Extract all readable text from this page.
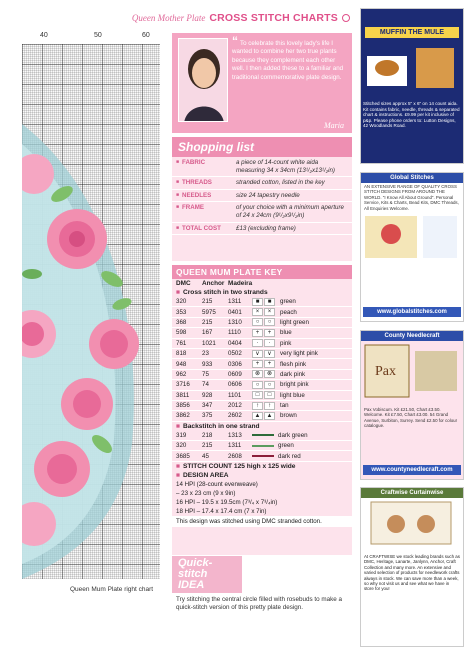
Queen Mother Plate CROSS STITCH CHARTS
40	50	60
Queen Mum Plate right chart
“ To celebrate this lovely lady's life I wanted to combine her two true plants because they complement each other well. I then added these to a familiar and traditional commemorative plate design.
Maria
Shopping list
■ FABRIC	a piece of 14-count white aida measuring 34 x 34cm (13¹/₂x13¹/₂in)
■ THREADS	stranded cotton, listed in the key
■ NEEDLES	size 24 tapestry needle
■ FRAME	of your choice with a minimum aperture of 24 x 24cm (9¹/₂x9¹/₂in)
■ TOTAL COST	£13 (excluding frame)
QUEEN MUM PLATE KEY
DMC	Anchor Madeira
■ Cross stitch in two strands
320	215	1311	■	■	green
353	5975	0401	×	×	peach
368	215	1310	○	○	light green
598	167	1110	+	+	blue
761	1021	0404	·	·	pink
818	23	0502	∨	∨	very light pink
948	933	0306	+	+	flesh pink
962	75	0609	⊗	⊗	dark pink
3716	74	0606	○	○	bright pink
3811	928	1101	□	□	light blue
3856	347	2012	↑	↑	tan
3862	375	2602	▲	▲	brown
■ Backstitch in one strand
319	218	1313	dark green
320	215	1311	green
3685	45	2608	dark red
■ STITCH COUNT 125 high x 125 wide
■ DESIGN AREA
14 HPI (28-count evenweave)
– 23 x 23 cm (9 x 9in)
16 HPI – 19.5 x 19.5cm (7³/₄ x 7³/₄in)
18 HPI – 17.4 x 17.4 cm (7 x 7in)
This design was stitched using DMC stranded cotton.
Quick-stitch
IDEA
Try stitching the central circle filled with rosebuds to make a quick-stitch version of this pretty plate design.
MUFFIN THE MULE
Stitched sizes approx 5" x 6" on 14 count aida. Kit contains fabric, needle, threads & separated chart & instructions. £9.99 per kit inclusive of p&p. Please phone orders to: Lutton Designs, 42 Woodlands Road.
Global Stitches
AN EXTENSIVE RANGE OF QUALITY CROSS STITCH DESIGNS FROM AROUND THE WORLD. "I Know All About Ground". Personal Service, Kits & Charts, Bead Kits, DMC Threads, All Enquiries Welcome.
www.globalstitches.com
County Needlecraft
Pax
Pax Vobiscum. Kit £21.50, Chart £3.50. Welcome. Kit £7.50, Chart £3.00. 54 Grand Avenue, Surbiton, Surrey. Send £2.50 for colour catalogue.
www.countyneedlecraft.com
Craftwise Curtainwise
At CRAFTWISE we stock leading brands such as DMC, Heritage, Lanarte, Janlynn, Anchor, Craft Collection and many more. An extensive and varied selection of products for needlework crafts always in stock. We can save more than a week, so why not visit us and see what we have in store for you!
